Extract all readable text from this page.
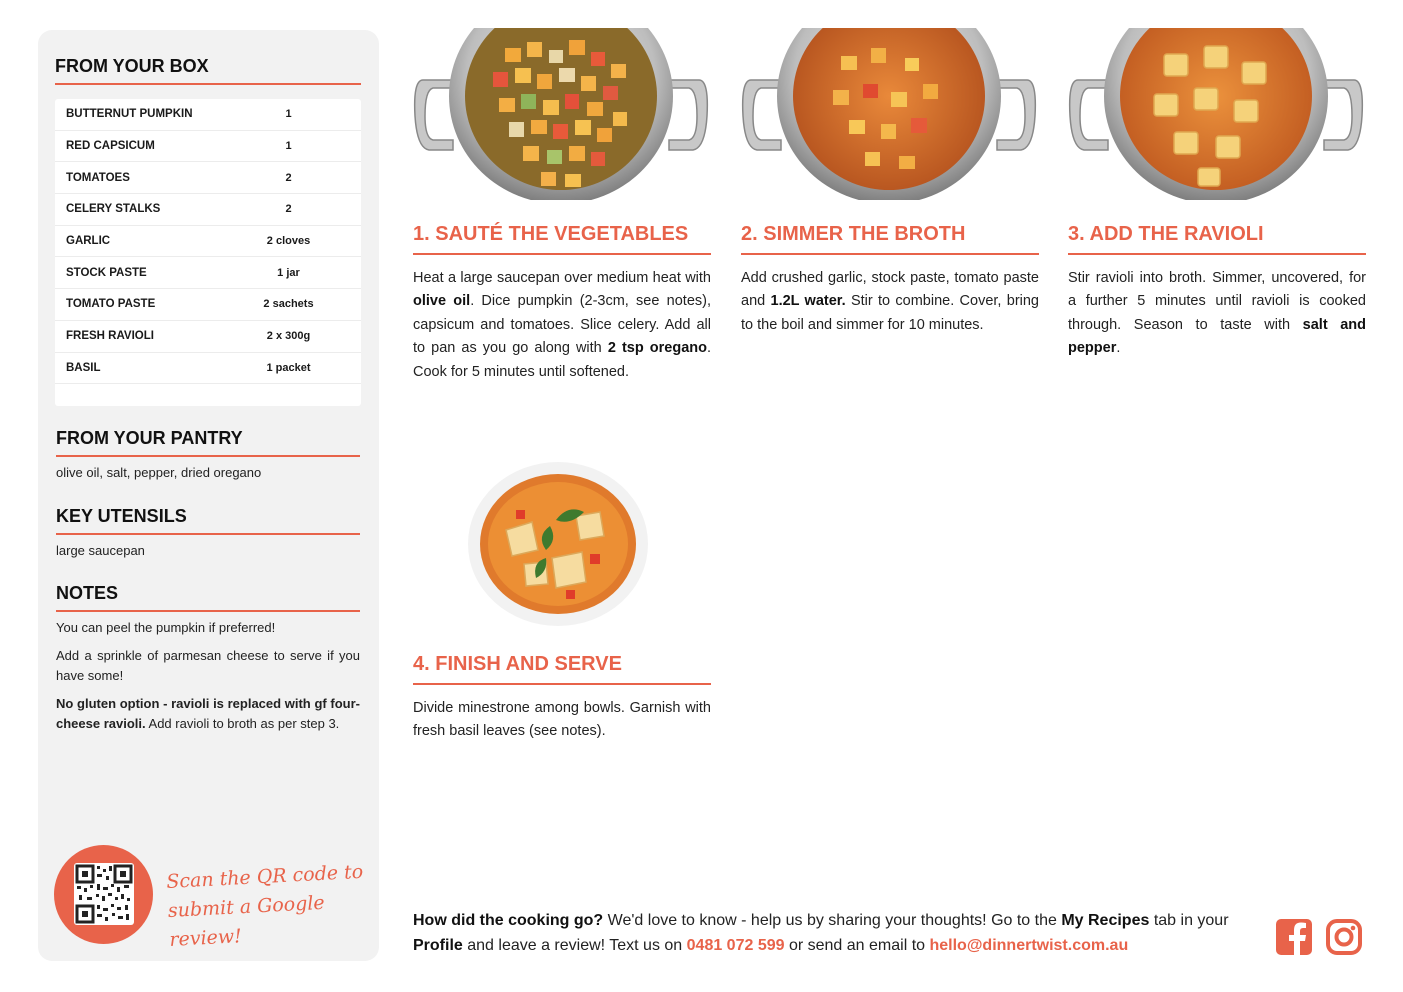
FROM YOUR BOX
BUTTERNUT PUMPKIN	1
RED CAPSICUM	1
TOMATOES	2
CELERY STALKS	2
GARLIC	2 cloves
STOCK PASTE	1 jar
TOMATO PASTE	2 sachets
FRESH RAVIOLI	2 x 300g
BASIL	1 packet
FROM YOUR PANTRY

olive oil, salt, pepper, dried oregano

KEY UTENSILS

large saucepan

NOTES

You can peel the pumpkin if preferred!

Add a sprinkle of parmesan cheese to serve if you have some!

No gluten option - ravioli is replaced with gf four-cheese ravioli. Add ravioli to broth as per step 3.

Scan the QR code to
submit a Google review!

1. SAUTÉ THE VEGETABLES

Heat a large saucepan over medium heat with olive oil. Dice pumpkin (2-3cm, see notes), capsicum and tomatoes. Slice celery. Add all to pan as you go along with 2 tsp oregano. Cook for 5 minutes until softened.

2. SIMMER THE BROTH

Add crushed garlic, stock paste, tomato paste and 1.2L water. Stir to combine. Cover, bring to the boil and simmer for 10 minutes.

3. ADD THE RAVIOLI

Stir ravioli into broth. Simmer, uncovered, for a further 5 minutes until ravioli is cooked through. Season to taste with salt and pepper.

4. FINISH AND SERVE

Divide minestrone among bowls. Garnish with fresh basil leaves (see notes).

How did the cooking go? We'd love to know - help us by sharing your thoughts! Go to the My Recipes tab in your Profile and leave a review! Text us on 0481 072 599 or send an email to hello@dinnertwist.com.au
